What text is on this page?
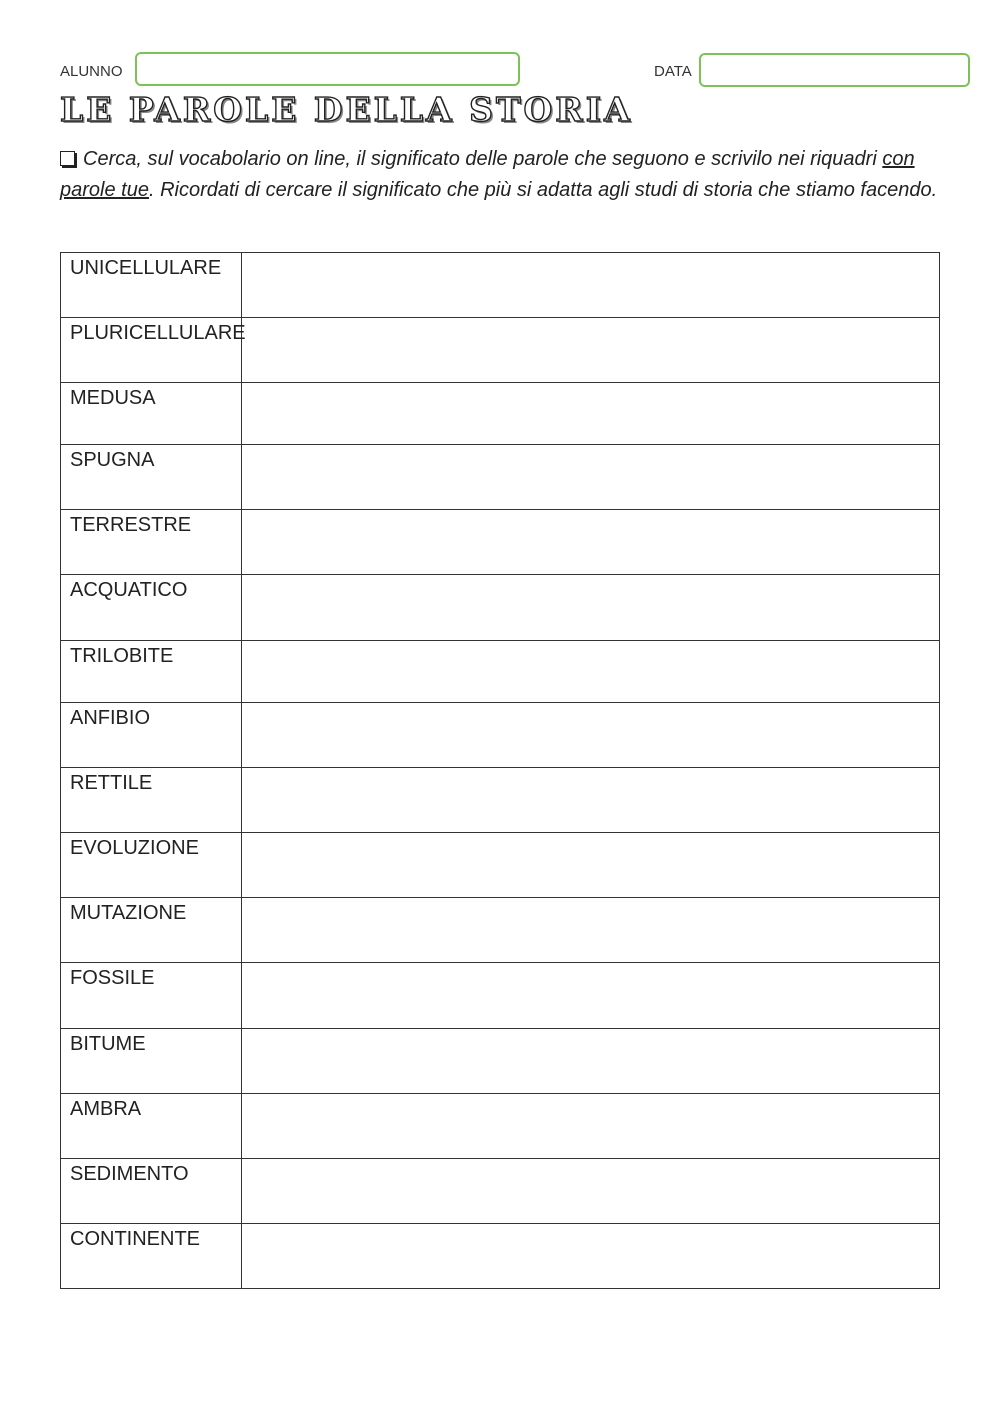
ALUNNO	DATA
LE PAROLE DELLA STORIA
Cerca, sul vocabolario on line, il significato delle parole che seguono e scrivilo nei riquadri con parole tue. Ricordati di cercare il significato che più si adatta agli studi di storia che stiamo facendo.
UNICELLULARE	
PLURICELLULARE	
MEDUSA	
SPUGNA	
TERRESTRE	
ACQUATICO	
TRILOBITE	
ANFIBIO	
RETTILE	
EVOLUZIONE	
MUTAZIONE	
FOSSILE	
BITUME	
AMBRA	
SEDIMENTO	
CONTINENTE	
